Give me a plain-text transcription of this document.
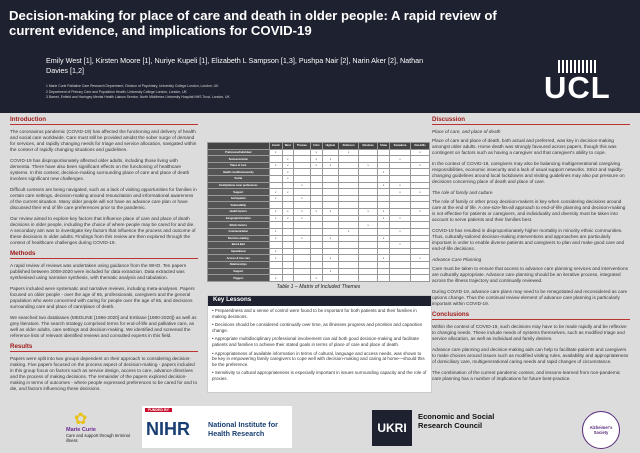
Decision-making for place of care and death in older people: A rapid review of current evidence, and implications for COVID-19
Emily West [1], Kirsten Moore [1], Nuriye Kupeli [1], Elizabeth L Sampson [1,3], Pushpa Nair [2], Narin Aker [2], Nathan Davies [1,2]
1 Marie Curie Palliative Care Research Department, Division of Psychiatry, University College London, London, UK
2 Department of Primary Care and Population Health, University College London, London, UK
3 Barnet, Enfield and Haringey Mental Health Liaison Service, North Middlesex University Hospital NHS Trust, London, UK	UCL
Introduction

The coronavirus pandemic (COVID-19) has affected the functioning and delivery of health and social care worldwide. Care must still be provided amidst the sober surge of demand for services, and rapidly changing needs for triage and service allocation, navigated within the context of rapidly changing situations and guidelines.

COVID-19 has disproportionately affected older adults, including those living with dementia. There have also been significant effects on the functioning of healthcare systems. In this context, decision-making surrounding place of care and place of death involves significant new challenges.

Difficult contexts are being navigated, such as a lack of visiting opportunities for families in certain care settings, decision-making around resuscitation and informational awareness of the current situation. Many older people will not have an advance care plan or have discussed their end of life care preferences prior to the pandemic.

Our review aimed to explore key factors that influence place of care and place of death decisions in older people, including the choice of where people may be cared for and die. A secondary aim was to investigate key factors that influence the process and outcome of these decisions in older adults. Findings from this review are then explored through the context of healthcare challenges during COVID-19.

Methods

A rapid review of reviews was undertaken using guidance from the WHO. Ten papers published between 2008-2020 were included for data extraction. Data extracted was synthesised using narrative synthesis, with thematic analysis and tabulation.

Papers included were systematic and narrative reviews, including meta-analyses. Papers focused on older people - over the age of 65, professionals, caregivers and the general population who were concerned with caring for people over the age of 65, and decisions surrounding care and place of care/place of death.

We searched two databases (MEDLINE [1966-2020] and Embase [1980-2020]) as well as grey literature. The search strategy comprised terms for end-of-life and palliative care, as well as older adults, care settings and decision-making. We identified and screened the reference lists of relevant identified reviews and consulted experts in this field.

Results

Papers were split into two groups dependent on their approach to considering decision-making. Five papers focused on the process aspect of decision-making - papers included in this group focus on factors such as service design, access to care, advance directives and the process of making decisions. The remainder of the papers explored decision-making in terms of outcomes - where people expressed preferences to be cared for and to die, and factors influencing these decisions.

	Gould	West	Thomas	Cohn	Higham	Robinson	Mendoza	Shaw	Kamakura	Dan-Ellis
Preference/Individual	x			x		x				x
Socioeconomic		x		x	x				x	
Place of care	x	x		x	x		x			x
Health condition/severity		x						x		
Social		x								
Family/Home carer preferences			x					x	x	
Support	x	x							x	x
Anticipation	x		x							
Vulnerability										
Health factors	x	x	x	x	x		x	x		x
Geographic/location	x	x	x					x	x	
Ethnic factors							x			
Communication	x					x			x	
Decision-making	x		x		x			x		
Bed & Bed									x	
Specialised	x									
Access & Use care	x				x			x		x
Relationships										
Support					x					
Triggers	x			x						
Table 1 – Matrix of Included Themes
Key Lessons
• Preparedness and a sense of control were found to be important for both patients and their families in making decisions.
• Decisions should be considered continually over time, as illnesses progress and priorities and capacities change.
• Appropriate multidisciplinary professional involvement can aid both good decision-making and facilitate patients and families to achieve their stated goals in terms of place of care and place of death.
• Appropriateness of available information in terms of cultural, language and access needs, was shown to be key in empowering family caregivers to cope well with decision-making and caring at home—should this be the preference.
• Sensitivity to cultural appropriateness is especially important in issues surrounding capacity and the role of proxies.
Discussion
Place of care, and place of death

Place of care and place of death, both actual and preferred, was key in decision-making amongst older adults. Home death was strongly favoured across papers, though this was contingent on factors such as having a caregiver and that caregiver's ability to cope.

In the context of COVID-19, caregivers may also be balancing multigenerational caregiving responsibilities, economic insecurity and a lack of usual support networks. Strict and rapidly-changing guidelines around local lockdowns and visiting guidelines may also put pressure on decisions concerning place of death and place of care.

The role of family and culture

The role of family or other proxy decision-makers is key when considering decisions around care at the end of life. A one-size-fits-all approach to end-of-life planning and decision-making is not effective for patients or caregivers, and individuality and diversity must be taken into account to serve patients and their families best.

COVID-19 has resulted in disproportionately higher mortality in minority ethnic communities. Thus, culturally-tailored decision-making interventions and approaches are particularly important in order to enable diverse patients and caregivers to plan and make good care and end-of-life decisions.

Advance Care Planning

Care must be taken to ensure that access to advance care planning services and interventions are culturally appropriate. Advance care planning should be an iterative process, integrated across the illness trajectory and continually reviewed.

During COVID-19, advance care plans may need to be renegotiated and reconsidered as care options change. Thus the continual review element of advance care planning is particularly important within COVID-19.

Conclusions

Within the context of COVID-19, such decisions may have to be made rapidly and be reflexive to changing needs. These include needs of systems themselves, such as modified triage and service allocation, as well as individual and family desires.

Advance care planning and decision-making aids can help to facilitate patients and caregivers to make choices around issues such as modified visiting rules, availability and appropriateness of domiciliary care, multigenerational caring needs and rapid changes of circumstance.

The combination of the current pandemic context, and lessons-learned from non-pandemic care planning has a number of implications for future best-practice.

✿
Marie Curie
Care and support through terminal illness
FUNDED BY
NIHR	National Institute for Health Research	UKRI
Economic and Social Research Council	Alzheimer's Society
